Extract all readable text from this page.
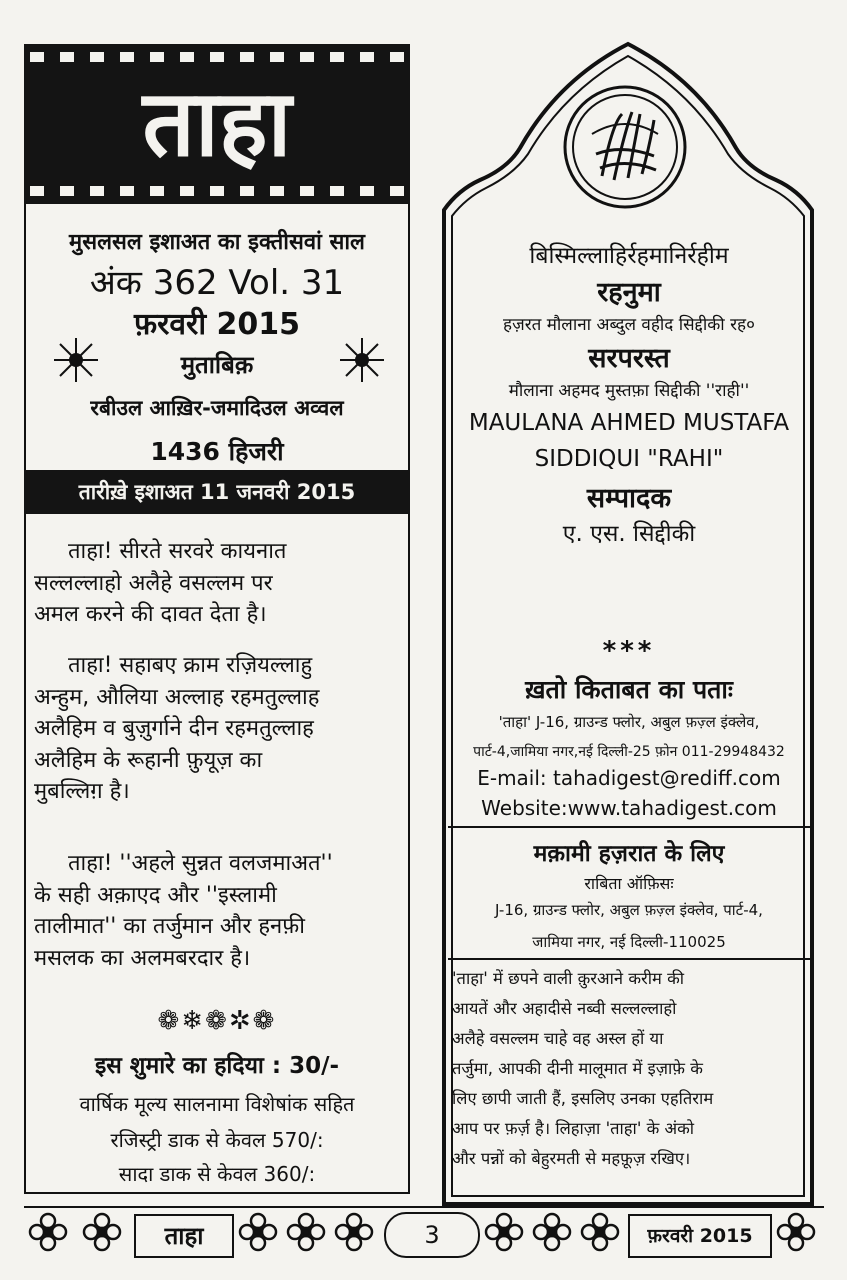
ताहा
मुसलसल इशाअत का इक्तीसवां साल
अंक 362 Vol. 31
फ़रवरी 2015
मुताबिक़
रबीउल आख़िर-जमादिउल अव्वल
1436 हिजरी
तारीख़े इशाअत 11 जनवरी 2015
ताहा! सीरते सरवरे कायनात
सल्लल्लाहो अलैहे वसल्लम पर
अमल करने की दावत देता है।
ताहा! सहाबए क्राम रज़ियल्लाहु
अन्हुम, औलिया अल्लाह रहमतुल्लाह
अलैहिम व बुज़ुर्गाने दीन रहमतुल्लाह
अलैहिम के रूहानी फ़ुयूज़ का
मुबल्लिग़ है।
ताहा! ''अहले सुन्नत वलजमाअत''
के सही अक़ाएद और ''इस्लामी
तालीमात'' का तर्जुमान और हनफ़ी
मसलक का अलमबरदार है।
❁❄❁✲❁
इस शुमारे का हदिया : 30/-
वार्षिक मूल्य सालनामा विशेषांक सहित
रजिस्ट्री डाक से केवल 570/:
सादा डाक से केवल 360/:
बिस्मिल्लाहिर्रहमानिर्रहीम
रहनुमा
हज़रत मौलाना अब्दुल वहीद सिद्दीकी रह०
सरपरस्त
मौलाना अहमद मुस्तफ़ा सिद्दीकी ''राही''
MAULANA AHMED MUSTAFA
SIDDIQUI "RAHI"
सम्पादक
ए. एस. सिद्दीकी
***
ख़तो किताबत का पताः
'ताहा' J-16, ग्राउन्ड फ्लोर, अबुल फ़ज़्ल इंक्लेव,
पार्ट-4,जामिया नगर,नई दिल्ली-25 फ़ोन 011-29948432
E-mail: tahadigest@rediff.com
Website:www.tahadigest.com
मक़ामी हज़रात के लिए
राबिता ऑफ़िसः
J-16, ग्राउन्ड फ्लोर, अबुल फ़ज़्ल इंक्लेव, पार्ट-4,
जामिया नगर, नई दिल्ली-110025
'ताहा' में छपने वाली क़ुरआने करीम की
आयतें और अहादीसे नब्वी सल्लल्लाहो
अलैहे वसल्लम चाहे वह अस्ल हों या
तर्जुमा, आपकी दीनी मालूमात में इज़ाफ़े के
लिए छापी जाती हैं, इसलिए उनका एहतिराम
आप पर फ़र्ज़ है। लिहाज़ा 'ताहा' के अंको
और पन्नों को बेहुरमती से महफ़ूज़ रखिए।
ताहा	3	फ़रवरी 2015
